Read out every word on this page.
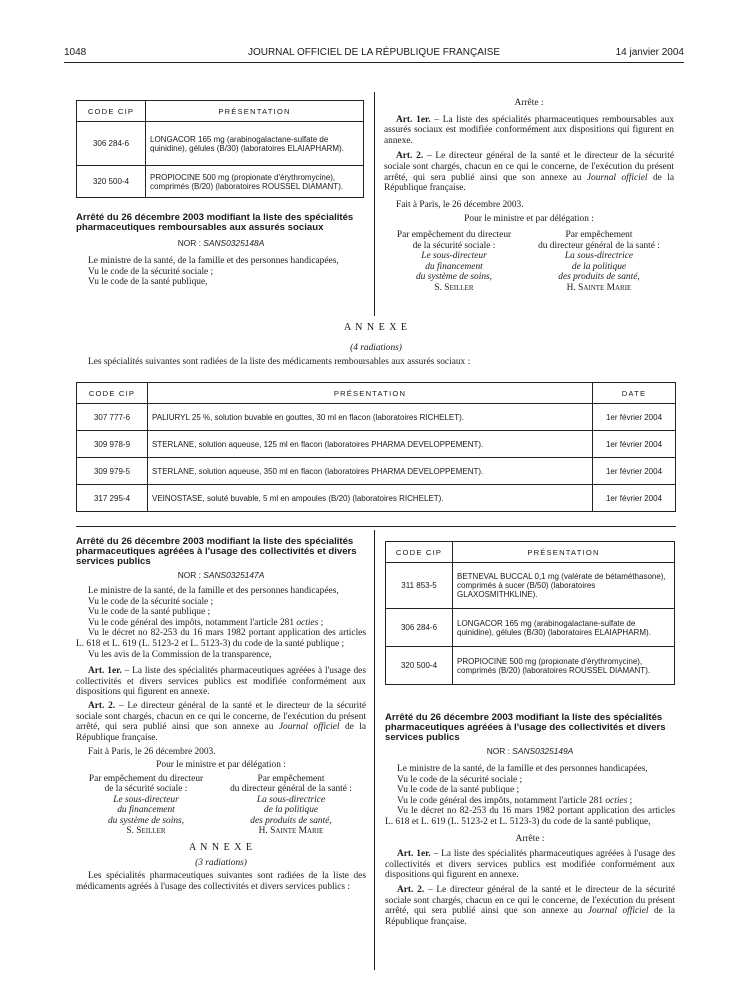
1048	JOURNAL OFFICIEL DE LA RÉPUBLIQUE FRANÇAISE	14 janvier 2004
CODE CIP	PRÉSENTATION
306 284-6	LONGACOR 165 mg (arabinogalactane-sulfate de quinidine), gélules (B/30) (laboratoires ELAIAPHARM).
320 500-4	PROPIOCINE 500 mg (propionate d'érythromycine), comprimés (B/20) (laboratoires ROUSSEL DIAMANT).

Arrêté du 26 décembre 2003 modifiant la liste des spécialités pharmaceutiques remboursables aux assurés sociaux

NOR : SANS0325148A

Le ministre de la santé, de la famille et des personnes handicapées,

Vu le code de la sécurité sociale ;

Vu le code de la santé publique,

Arrête :

Art. 1er. – La liste des spécialités pharmaceutiques remboursables aux assurés sociaux est modifiée conformément aux dispositions qui figurent en annexe.

Art. 2. – Le directeur général de la santé et le directeur de la sécurité sociale sont chargés, chacun en ce qui le concerne, de l'exécution du présent arrêté, qui sera publié ainsi que son annexe au Journal officiel de la République française.

Fait à Paris, le 26 décembre 2003.

Pour le ministre et par délégation :

Par empêchement du directeur
de la sécurité sociale :
Le sous-directeur
du financement
du système de soins,
S. Seiller
Par empêchement
du directeur général de la santé :
La sous-directrice
de la politique
des produits de santé,
H. Sainte Marie

A N N E X E

(4 radiations)

Les spécialités suivantes sont radiées de la liste des médicaments remboursables aux assurés sociaux :

CODE CIP	PRÉSENTATION	DATE
307 777-6	PALIURYL 25 %, solution buvable en gouttes, 30 ml en flacon (laboratoires RICHELET).	1er février 2004
309 978-9	STERLANE, solution aqueuse, 125 ml en flacon (laboratoires PHARMA DEVELOPPEMENT).	1er février 2004
309 979-5	STERLANE, solution aqueuse, 350 ml en flacon (laboratoires PHARMA DEVELOPPEMENT).	1er février 2004
317 295-4	VEINOSTASE, soluté buvable, 5 ml en ampoules (B/20) (laboratoires RICHELET).	1er février 2004

Arrêté du 26 décembre 2003 modifiant la liste des spécialités pharmaceutiques agréées à l'usage des collectivités et divers services publics

NOR : SANS0325147A

Le ministre de la santé, de la famille et des personnes handicapées,

Vu le code de la sécurité sociale ;

Vu le code de la santé publique ;

Vu le code général des impôts, notamment l'article 281 octies ;

Vu le décret no 82-253 du 16 mars 1982 portant application des articles L. 618 et L. 619 (L. 5123-2 et L. 5123-3) du code de la santé publique ;

Vu les avis de la Commission de la transparence,

Art. 1er. – La liste des spécialités pharmaceutiques agréées à l'usage des collectivités et divers services publics est modifiée conformément aux dispositions qui figurent en annexe.

Art. 2. – Le directeur général de la santé et le directeur de la sécurité sociale sont chargés, chacun en ce qui le concerne, de l'exécution du présent arrêté, qui sera publié ainsi que son annexe au Journal officiel de la République française.

Fait à Paris, le 26 décembre 2003.

Pour le ministre et par délégation :

Par empêchement du directeur
de la sécurité sociale :
Le sous-directeur
du financement
du système de soins,
S. Seiller
Par empêchement
du directeur général de la santé :
La sous-directrice
de la politique
des produits de santé,
H. Sainte Marie

A N N E X E

(3 radiations)

Les spécialités pharmaceutiques suivantes sont radiées de la liste des médicaments agréés à l'usage des collectivités et divers services publics :

CODE CIP	PRÉSENTATION
311 853-5	BETNEVAL BUCCAL 0,1 mg (valérate de bétaméthasone), comprimés à sucer (B/50) (laboratoires GLAXOSMITHKLINE).
306 284-6	LONGACOR 165 mg (arabinogalactane-sulfate de quinidine), gélules (B/30) (laboratoires ELAIAPHARM).
320 500-4	PROPIOCINE 500 mg (propionate d'érythromycine), comprimés (B/20) (laboratoires ROUSSEL DIAMANT).

Arrêté du 26 décembre 2003 modifiant la liste des spécialités pharmaceutiques agréées à l'usage des collectivités et divers services publics

NOR : SANS0325149A

Le ministre de la santé, de la famille et des personnes handicapées,

Vu le code de la sécurité sociale ;

Vu le code de la santé publique ;

Vu le code général des impôts, notamment l'article 281 octies ;

Vu le décret no 82-253 du 16 mars 1982 portant application des articles L. 618 et L. 619 (L. 5123-2 et L. 5123-3) du code de la santé publique,

Arrête :

Art. 1er. – La liste des spécialités pharmaceutiques agréées à l'usage des collectivités et divers services publics est modifiée conformément aux dispositions qui figurent en annexe.

Art. 2. – Le directeur général de la santé et le directeur de la sécurité sociale sont chargés, chacun en ce qui le concerne, de l'exécution du présent arrêté, qui sera publié ainsi que son annexe au Journal officiel de la République française.
